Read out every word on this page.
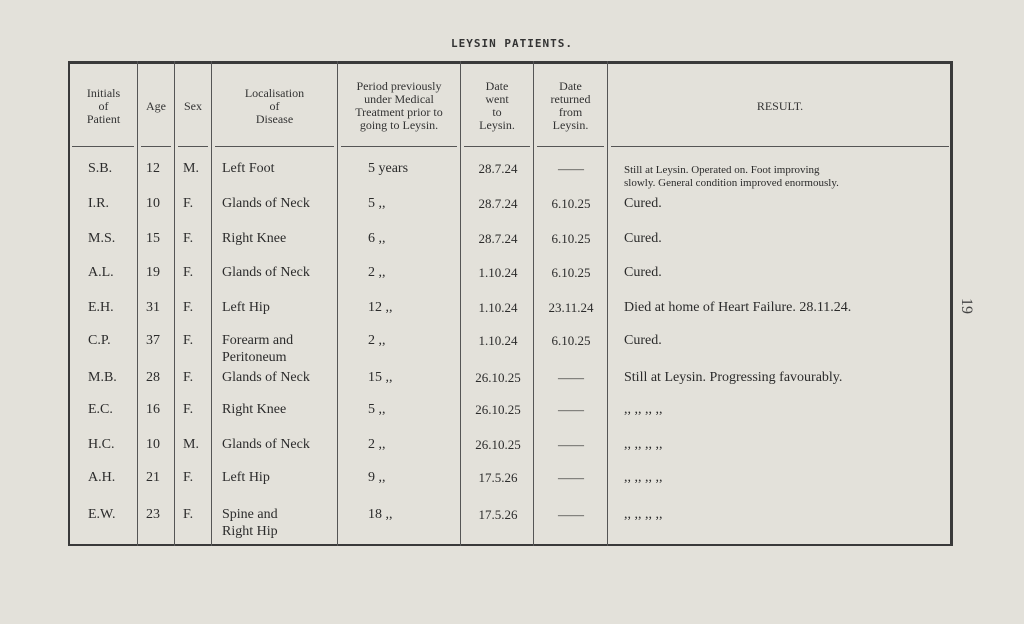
LEYSIN PATIENTS.
19
Initials
of
Patient
Age	Sex
Localisation
of
Disease
Period previously
under Medical
Treatment prior to
going to Leysin.
Date
went
to
Leysin.
Date
returned
from
Leysin.
RESULT.
S.B. 12 M. Left Foot	5 years	28.7.24	——	Still at Leysin. Operated on. Foot improving
slowly. General condition improved enormously.
I.R.	10 F. Glands of Neck	5 ,,	28.7.24	6.10.25	Cured.
M.S. 15 F. Right Knee	6 ,,	28.7.24	6.10.25	Cured.
A.L. 19 F. Glands of Neck	2 ,,	1.10.24	6.10.25	Cured.
E.H. 31 F. Left Hip	12 ,,	1.10.24	23.11.24	Died at home of Heart Failure. 28.11.24.
C.P.	37 F. Forearm and
Peritoneum
2 ,,	1.10.24	6.10.25	Cured.
M.B. 28 F. Glands of Neck	15 ,,	26.10.25	——	Still at Leysin. Progressing favourably.
E.C. 16 F. Right Knee	5 ,,	26.10.25	——	,, ,, ,, ,,
H.C. 10 M. Glands of Neck	2 ,,	26.10.25	——	,, ,, ,, ,,
A.H. 21 F. Left Hip	9 ,,	17.5.26	——	,, ,, ,, ,,
E.W. 23 F. Spine and
Right Hip
18 ,,	17.5.26	——	,, ,, ,, ,,
